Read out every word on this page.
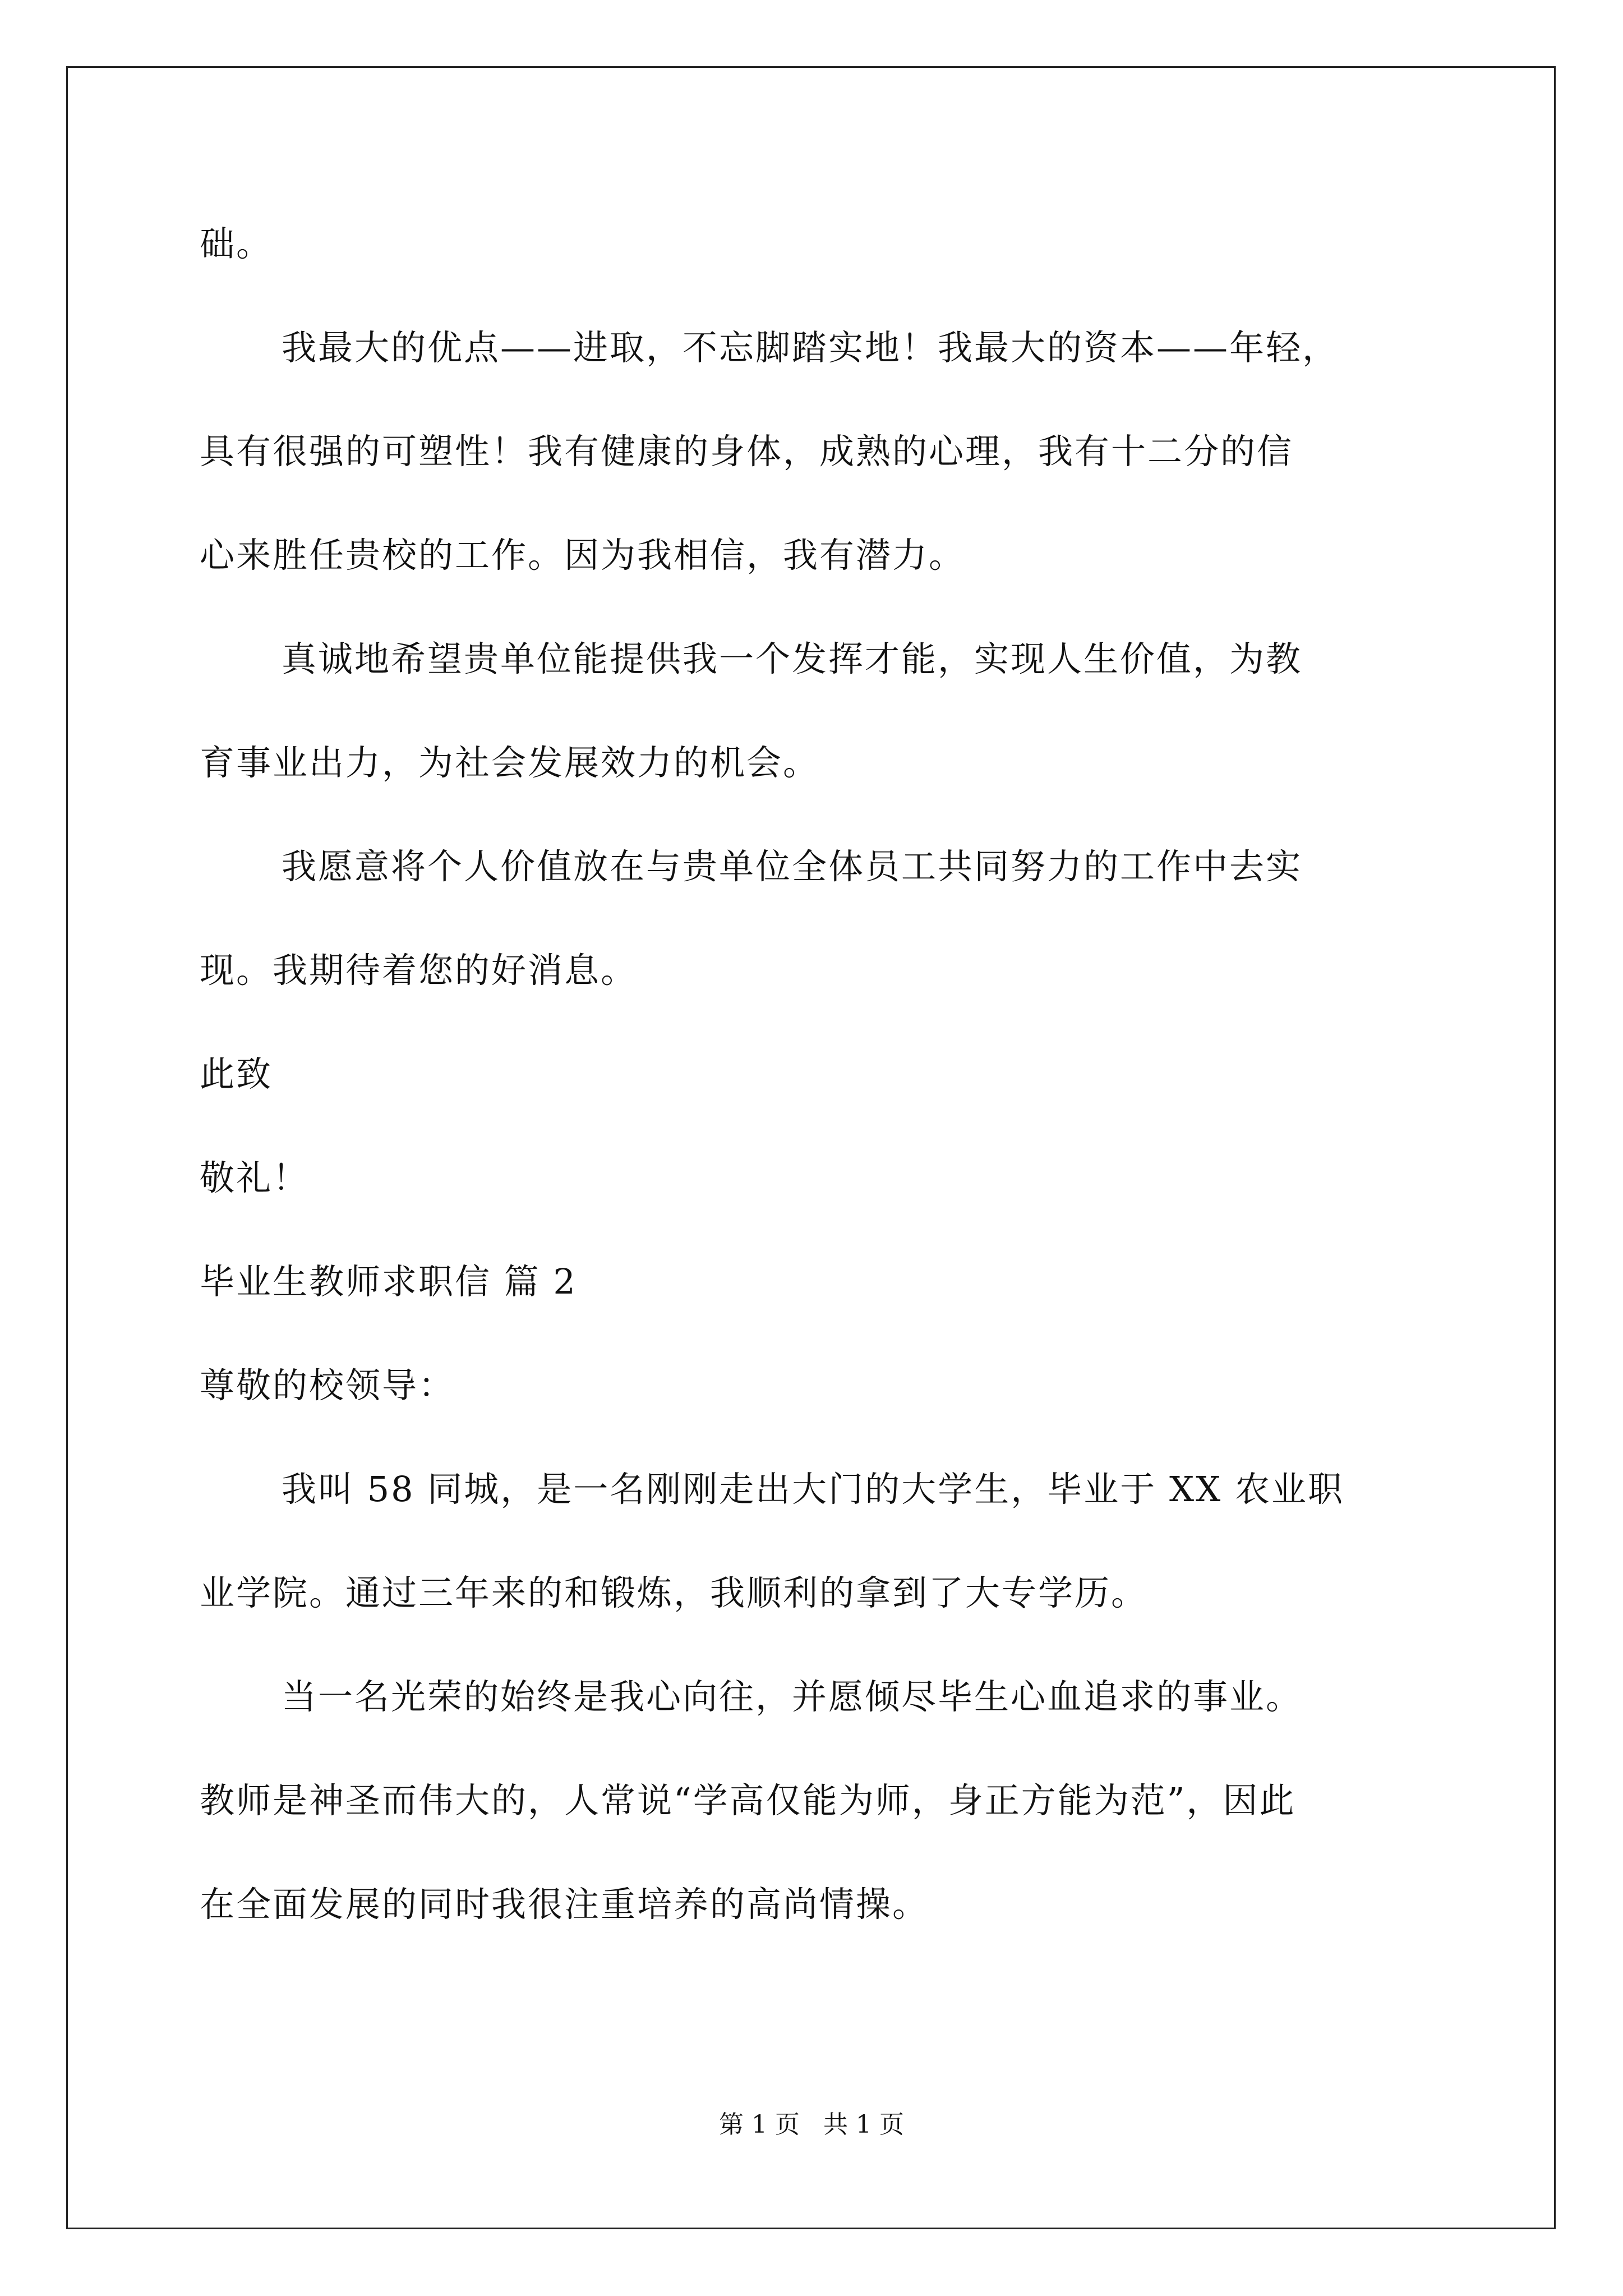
础。
我最大的优点——进取，不忘脚踏实地！我最大的资本——年轻，
具有很强的可塑性！我有健康的身体，成熟的心理，我有十二分的信
心来胜任贵校的工作。因为我相信，我有潜力。
真诚地希望贵单位能提供我一个发挥才能，实现人生价值，为教
育事业出力，为社会发展效力的机会。
我愿意将个人价值放在与贵单位全体员工共同努力的工作中去实
现。我期待着您的好消息。
此致
敬礼！
毕业生教师求职信 篇 2
尊敬的校领导：
我叫 58 同城，是一名刚刚走出大门的大学生，毕业于 XX 农业职
业学院。通过三年来的和锻炼，我顺利的拿到了大专学历。
当一名光荣的始终是我心向往，并愿倾尽毕生心血追求的事业。
教师是神圣而伟大的，人常说“学高仅能为师，身正方能为范”，因此
在全面发展的同时我很注重培养的高尚情操。
第 1 页   共 1 页
